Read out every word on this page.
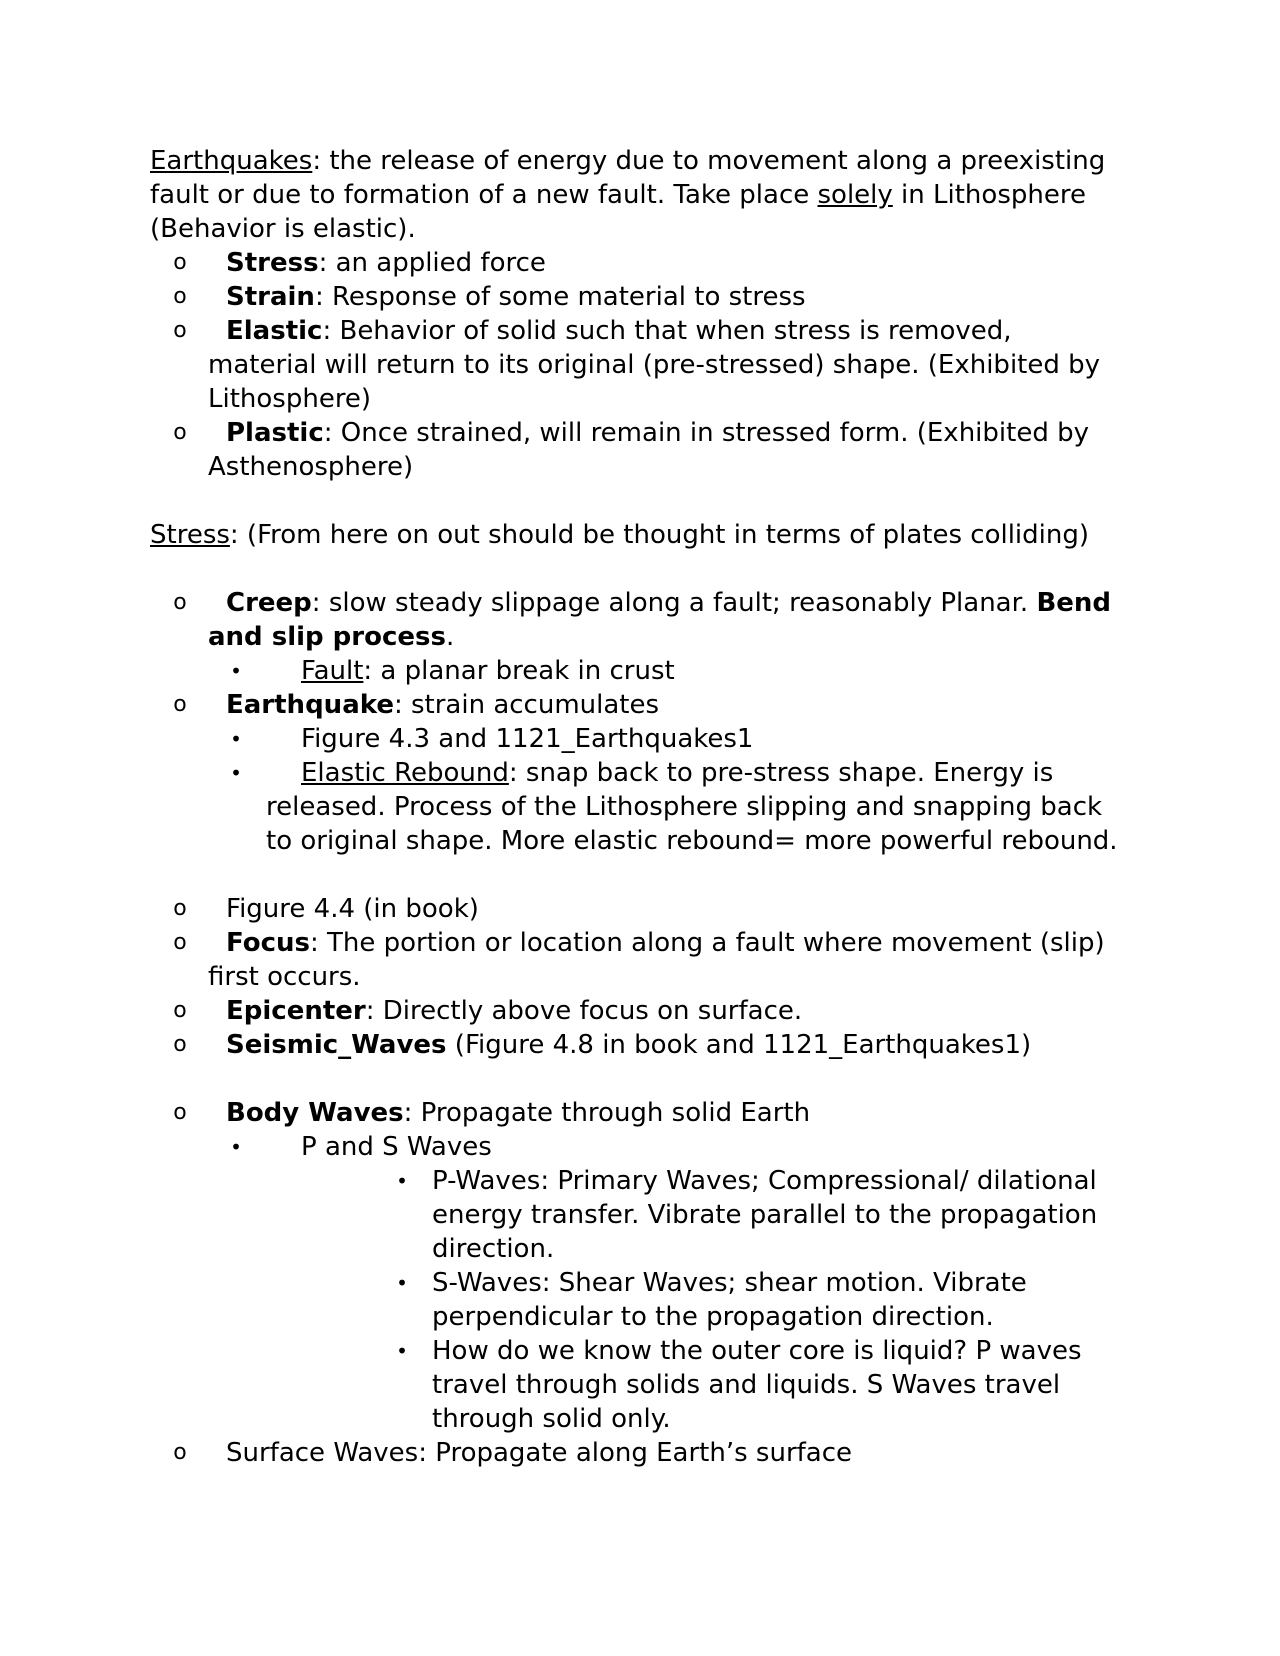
Earthquakes: the release of energy due to movement along a preexisting fault or due to formation of a new fault. Take place solely in Lithosphere (Behavior is elastic).

o	Stress: an applied force
o	Strain: Response of some material to stress
o	Elastic: Behavior of solid such that when stress is removed, material will return to its original (pre-stressed) shape. (Exhibited by Lithosphere)
o	Plastic: Once strained, will remain in stressed form. (Exhibited by Asthenosphere)

Stress: (From here on out should be thought in terms of plates colliding)

o	Creep: slow steady slippage along a fault; reasonably Planar. Bend and slip process.
•	Fault: a planar break in crust
o	Earthquake: strain accumulates
•	Figure 4.3 and 1121_Earthquakes1
•	Elastic Rebound: snap back to pre-stress shape. Energy is released. Process of the Lithosphere slipping and snapping back to original shape. More elastic rebound= more powerful rebound.
o	Figure 4.4 (in book)
o	Focus: The portion or location along a fault where movement (slip) first occurs.
o	Epicenter: Directly above focus on surface.
o	Seismic_Waves (Figure 4.8 in book and 1121_Earthquakes1)
o	Body Waves: Propagate through solid Earth
•	P and S Waves
• P-Waves: Primary Waves; Compressional/ dilational energy transfer. Vibrate parallel to the propagation direction.
• S-Waves: Shear Waves; shear motion. Vibrate perpendicular to the propagation direction.
• How do we know the outer core is liquid? P waves travel through solids and liquids. S Waves travel through solid only.
o	Surface Waves: Propagate along Earth’s surface
